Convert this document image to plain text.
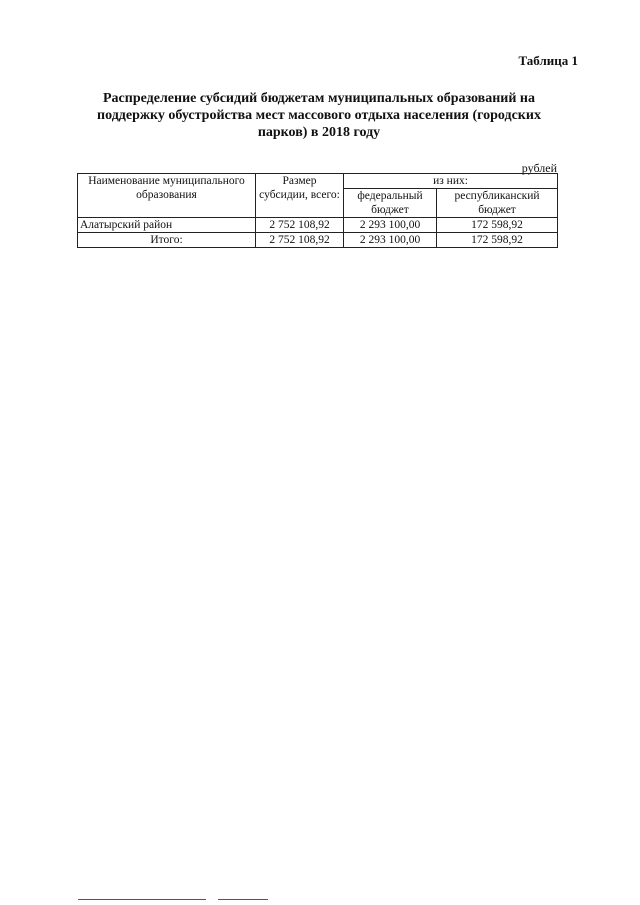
Таблица 1
Распределение субсидий бюджетам муниципальных образований на поддержку обустройства мест массового отдыха населения (городских парков) в 2018 году
рублей
Наименование муниципального образования	Размер субсидии, всего:	из них:	
		федеральный бюджет	республиканский бюджет
Алатырский район	2 752 108,92	2 293 100,00	172 598,92
Итого:	2 752 108,92	2 293 100,00	172 598,92
